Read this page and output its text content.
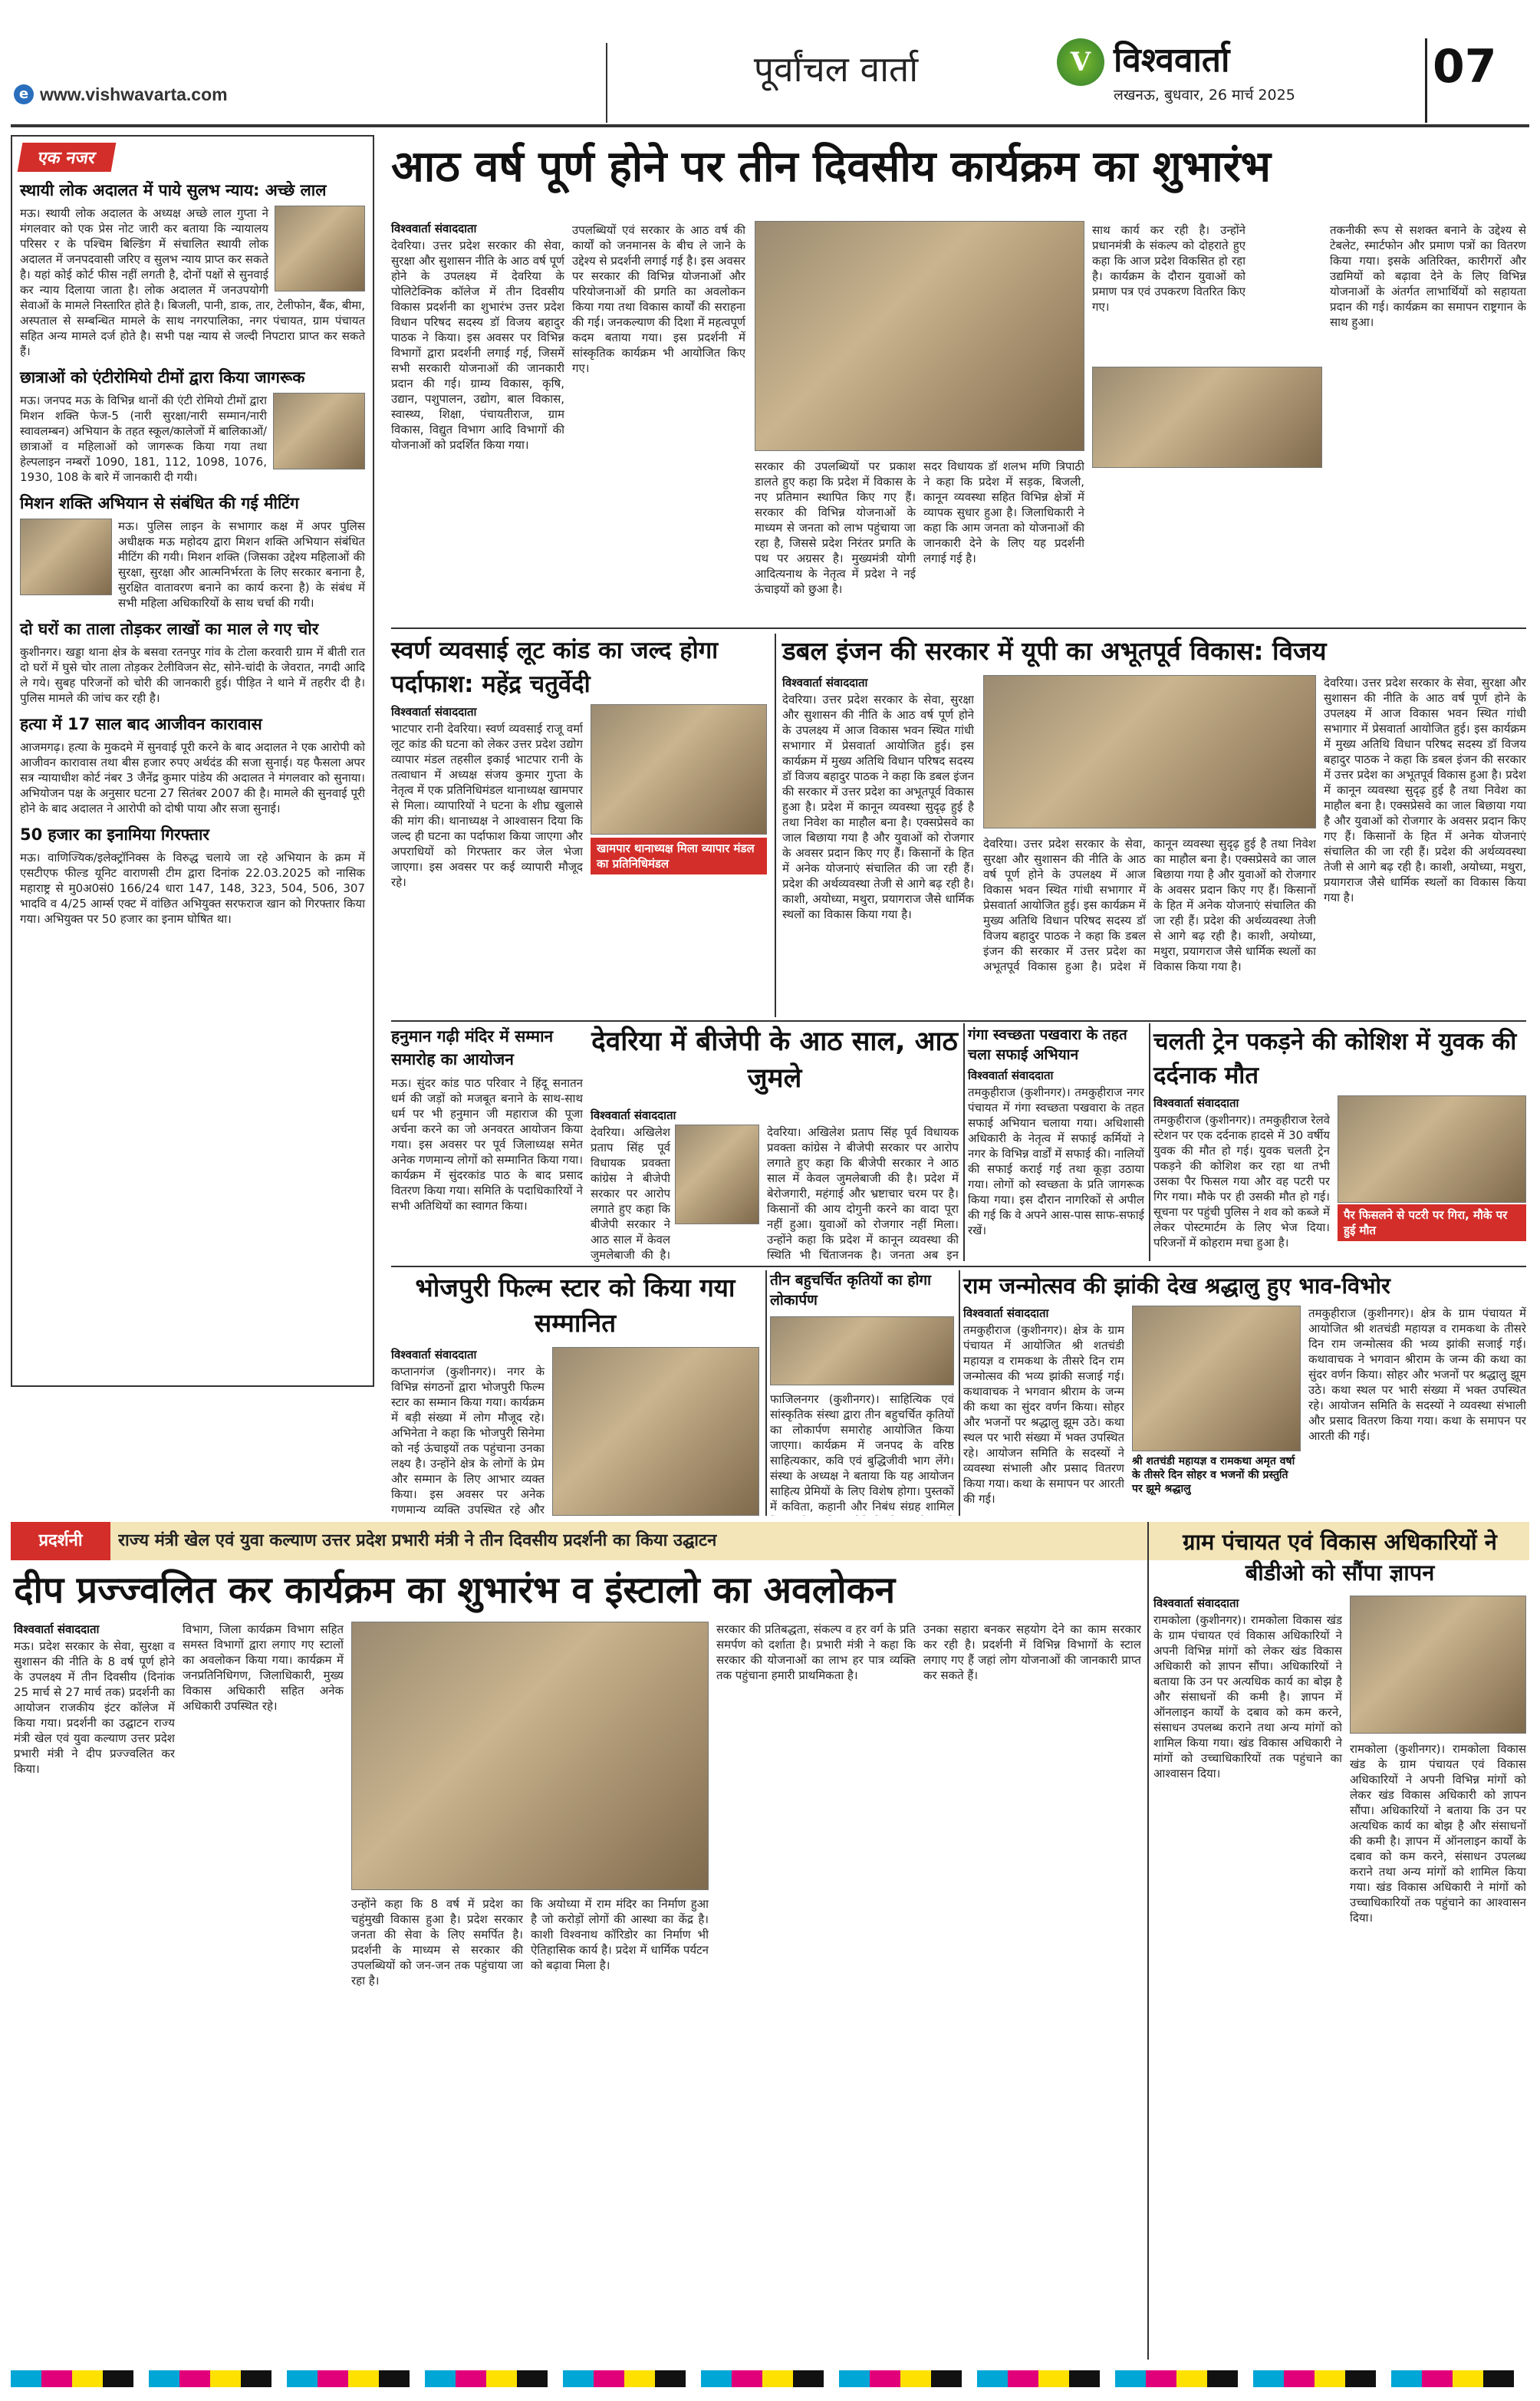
पूर्वांचल वार्ता
e www.vishwavarta.com
V विश्ववार्ता
लखनऊ, बुधवार, 26 मार्च 2025
07
एक नजर
स्थायी लोक अदालत में पाये सुलभ न्याय: अच्छे लाल
मऊ। स्थायी लोक अदालत के अध्यक्ष अच्छे लाल गुप्ता ने मंगलवार को एक प्रेस नोट जारी कर बताया कि न्यायालय परिसर र के पश्चिम बिल्डिंग में संचालित स्थायी लोक अदालत में जनपदवासी जरिए व सुलभ न्याय प्राप्त कर सकते है। यहां कोई कोर्ट फीस नहीं लगती है, दोनों पक्षों से सुनवाई कर न्याय दिलाया जाता है। लोक अदालत में जनउपयोगी सेवाओं के मामले निस्तारित होते है। बिजली, पानी, डाक, तार, टेलीफोन, बैंक, बीमा, अस्पताल से सम्बन्धित मामले के साथ नगरपालिका, नगर पंचायत, ग्राम पंचायत सहित अन्य मामले दर्ज होते है। सभी पक्ष न्याय से जल्दी निपटारा प्राप्त कर सकते हैं।
छात्राओं को एंटीरोमियो टीमों द्वारा किया जागरूक
मऊ। जनपद मऊ के विभिन्न थानों की एंटी रोमियो टीमों द्वारा मिशन शक्ति फेज-5 (नारी सुरक्षा/नारी सम्मान/नारी स्वावलम्बन) अभियान के तहत स्कूल/कालेजों में बालिकाओं/छात्राओं व महिलाओं को जागरूक किया गया तथा हेल्पलाइन नम्बरों 1090, 181, 112, 1098, 1076, 1930, 108 के बारे में जानकारी दी गयी।
मिशन शक्ति अभियान से संबंधित की गई मीटिंग
मऊ। पुलिस लाइन के सभागार कक्ष में अपर पुलिस अधीक्षक मऊ महोदय द्वारा मिशन शक्ति अभियान संबंधित मीटिंग की गयी। मिशन शक्ति (जिसका उद्देश्य महिलाओं की सुरक्षा, सुरक्षा और आत्मनिर्भरता के लिए सरकार बनाना है, सुरक्षित वातावरण बनाने का कार्य करना है) के संबंध में सभी महिला अधिकारियों के साथ चर्चा की गयी।
दो घरों का ताला तोड़कर लाखों का माल ले गए चोर
कुशीनगर। खड्डा थाना क्षेत्र के बसवा रतनपुर गांव के टोला करवारी ग्राम में बीती रात दो घरों में घुसे चोर ताला तोड़कर टेलीविजन सेट, सोने-चांदी के जेवरात, नगदी आदि ले गये। सुबह परिजनों को चोरी की जानकारी हुई। पीड़ित ने थाने में तहरीर दी है। पुलिस मामले की जांच कर रही है।
हत्या में 17 साल बाद आजीवन कारावास
आजमगढ़। हत्या के मुकदमे में सुनवाई पूरी करने के बाद अदालत ने एक आरोपी को आजीवन कारावास तथा बीस हजार रुपए अर्थदंड की सजा सुनाई। यह फैसला अपर सत्र न्यायाधीश कोर्ट नंबर 3 जैनेंद्र कुमार पांडेय की अदालत ने मंगलवार को सुनाया। अभियोजन पक्ष के अनुसार घटना 27 सितंबर 2007 की है। मामले की सुनवाई पूरी होने के बाद अदालत ने आरोपी को दोषी पाया और सजा सुनाई।
50 हजार का इनामिया गिरफ्तार
मऊ। वाणिज्यिक/इलेक्ट्रॉनिक्स के विरुद्ध चलाये जा रहे अभियान के क्रम में एसटीएफ फील्ड यूनिट वाराणसी टीम द्वारा दिनांक 22.03.2025 को नासिक महाराष्ट्र से मु0अ0सं0 166/24 धारा 147, 148, 323, 504, 506, 307 भादवि व 4/25 आर्म्स एक्ट में वांछित अभियुक्त सरफराज खान को गिरफ्तार किया गया। अभियुक्त पर 50 हजार का इनाम घोषित था।
आठ वर्ष पूर्ण होने पर तीन दिवसीय कार्यक्रम का शुभारंभ
विश्ववार्ता संवाददाता
देवरिया। उत्तर प्रदेश सरकार की सेवा, सुरक्षा और सुशासन नीति के आठ वर्ष पूर्ण होने के उपलक्ष्य में देवरिया के पोलिटेक्निक कॉलेज में तीन दिवसीय विकास प्रदर्शनी का शुभारंभ उत्तर प्रदेश विधान परिषद सदस्य डॉ विजय बहादुर पाठक ने किया। इस अवसर पर विभिन्न विभागों द्वारा प्रदर्शनी लगाई गई, जिसमें सभी सरकारी योजनाओं की जानकारी प्रदान की गई। ग्राम्य विकास, कृषि, उद्यान, पशुपालन, उद्योग, बाल विकास, स्वास्थ्य, शिक्षा, पंचायतीराज, ग्राम विकास, विद्युत विभाग आदि विभागों की योजनाओं को प्रदर्शित किया गया।
उपलब्धियों एवं सरकार के आठ वर्ष की कार्यों को जनमानस के बीच ले जाने के उद्देश्य से प्रदर्शनी लगाई गई है। इस अवसर पर सरकार की विभिन्न योजनाओं और परियोजनाओं की प्रगति का अवलोकन किया गया तथा विकास कार्यों की सराहना की गई। जनकल्याण की दिशा में महत्वपूर्ण कदम बताया गया। इस प्रदर्शनी में सांस्कृतिक कार्यक्रम भी आयोजित किए गए।
सरकार की उपलब्धियों पर प्रकाश डालते हुए कहा कि प्रदेश में विकास के नए प्रतिमान स्थापित किए गए हैं। सरकार की विभिन्न योजनाओं के माध्यम से जनता को लाभ पहुंचाया जा रहा है, जिससे प्रदेश निरंतर प्रगति के पथ पर अग्रसर है। मुख्यमंत्री योगी आदित्यनाथ के नेतृत्व में प्रदेश ने नई ऊंचाइयों को छुआ है।
सदर विधायक डॉ शलभ मणि त्रिपाठी ने कहा कि प्रदेश में सड़क, बिजली, कानून व्यवस्था सहित विभिन्न क्षेत्रों में व्यापक सुधार हुआ है। जिलाधिकारी ने कहा कि आम जनता को योजनाओं की जानकारी देने के लिए यह प्रदर्शनी लगाई गई है।
साथ कार्य कर रही है। उन्होंने प्रधानमंत्री के संकल्प को दोहराते हुए कहा कि आज प्रदेश विकसित हो रहा है। कार्यक्रम के दौरान युवाओं को प्रमाण पत्र एवं उपकरण वितरित किए गए।
तकनीकी रूप से सशक्त बनाने के उद्देश्य से टेबलेट, स्मार्टफोन और प्रमाण पत्रों का वितरण किया गया। इसके अतिरिक्त, कारीगरों और उद्यमियों को बढ़ावा देने के लिए विभिन्न योजनाओं के अंतर्गत लाभार्थियों को सहायता प्रदान की गई। कार्यक्रम का समापन राष्ट्रगान के साथ हुआ।
स्वर्ण व्यवसाई लूट कांड का जल्द होगा पर्दाफाश: महेंद्र चतुर्वेदी
विश्ववार्ता संवाददाता
भाटपार रानी देवरिया। स्वर्ण व्यवसाई राजू वर्मा लूट कांड की घटना को लेकर उत्तर प्रदेश उद्योग व्यापार मंडल तहसील इकाई भाटपार रानी के तत्वाधान में अध्यक्ष संजय कुमार गुप्ता के नेतृत्व में एक प्रतिनिधिमंडल थानाध्यक्ष खामपार से मिला। व्यापारियों ने घटना के शीघ्र खुलासे की मांग की। थानाध्यक्ष ने आश्वासन दिया कि जल्द ही घटना का पर्दाफाश किया जाएगा और अपराधियों को गिरफ्तार कर जेल भेजा जाएगा। इस अवसर पर कई व्यापारी मौजूद रहे।
खामपार थानाध्यक्ष मिला व्यापार मंडल का प्रतिनिधिमंडल
डबल इंजन की सरकार में यूपी का अभूतपूर्व विकास: विजय
विश्ववार्ता संवाददाता
देवरिया। उत्तर प्रदेश सरकार के सेवा, सुरक्षा और सुशासन की नीति के आठ वर्ष पूर्ण होने के उपलक्ष्य में आज विकास भवन स्थित गांधी सभागार में प्रेसवार्ता आयोजित हुई। इस कार्यक्रम में मुख्य अतिथि विधान परिषद सदस्य डॉ विजय बहादुर पाठक ने कहा कि डबल इंजन की सरकार में उत्तर प्रदेश का अभूतपूर्व विकास हुआ है। प्रदेश में कानून व्यवस्था सुदृढ़ हुई है तथा निवेश का माहौल बना है। एक्सप्रेसवे का जाल बिछाया गया है और युवाओं को रोजगार के अवसर प्रदान किए गए हैं। किसानों के हित में अनेक योजनाएं संचालित की जा रही हैं। प्रदेश की अर्थव्यवस्था तेजी से आगे बढ़ रही है। काशी, अयोध्या, मथुरा, प्रयागराज जैसे धार्मिक स्थलों का विकास किया गया है।
देवरिया। उत्तर प्रदेश सरकार के सेवा, सुरक्षा और सुशासन की नीति के आठ वर्ष पूर्ण होने के उपलक्ष्य में आज विकास भवन स्थित गांधी सभागार में प्रेसवार्ता आयोजित हुई। इस कार्यक्रम में मुख्य अतिथि विधान परिषद सदस्य डॉ विजय बहादुर पाठक ने कहा कि डबल इंजन की सरकार में उत्तर प्रदेश का अभूतपूर्व विकास हुआ है। प्रदेश में कानून व्यवस्था सुदृढ़ हुई है तथा निवेश का माहौल बना है। एक्सप्रेसवे का जाल बिछाया गया है और युवाओं को रोजगार के अवसर प्रदान किए गए हैं। किसानों के हित में अनेक योजनाएं संचालित की जा रही हैं। प्रदेश की अर्थव्यवस्था तेजी से आगे बढ़ रही है। काशी, अयोध्या, मथुरा, प्रयागराज जैसे धार्मिक स्थलों का विकास किया गया है।
देवरिया। उत्तर प्रदेश सरकार के सेवा, सुरक्षा और सुशासन की नीति के आठ वर्ष पूर्ण होने के उपलक्ष्य में आज विकास भवन स्थित गांधी सभागार में प्रेसवार्ता आयोजित हुई। इस कार्यक्रम में मुख्य अतिथि विधान परिषद सदस्य डॉ विजय बहादुर पाठक ने कहा कि डबल इंजन की सरकार में उत्तर प्रदेश का अभूतपूर्व विकास हुआ है। प्रदेश में कानून व्यवस्था सुदृढ़ हुई है तथा निवेश का माहौल बना है। एक्सप्रेसवे का जाल बिछाया गया है और युवाओं को रोजगार के अवसर प्रदान किए गए हैं। किसानों के हित में अनेक योजनाएं संचालित की जा रही हैं। प्रदेश की अर्थव्यवस्था तेजी से आगे बढ़ रही है। काशी, अयोध्या, मथुरा, प्रयागराज जैसे धार्मिक स्थलों का विकास किया गया है।
हनुमान गढ़ी मंदिर में सम्मान समारोह का आयोजन
मऊ। सुंदर कांड पाठ परिवार ने हिंदू सनातन धर्म की जड़ों को मजबूत बनाने के साथ-साथ धर्म पर भी हनुमान जी महाराज की पूजा अर्चना करने का जो अनवरत आयोजन किया गया। इस अवसर पर पूर्व जिलाध्यक्ष समेत अनेक गणमान्य लोगों को सम्मानित किया गया। कार्यक्रम में सुंदरकांड पाठ के बाद प्रसाद वितरण किया गया। समिति के पदाधिकारियों ने सभी अतिथियों का स्वागत किया।
देवरिया में बीजेपी के आठ साल, आठ जुमले
विश्ववार्ता संवाददाता
देवरिया। अखिलेश प्रताप सिंह पूर्व विधायक प्रवक्ता कांग्रेस ने बीजेपी सरकार पर आरोप लगाते हुए कहा कि बीजेपी सरकार ने आठ साल में केवल जुमलेबाजी की है।
देवरिया। अखिलेश प्रताप सिंह पूर्व विधायक प्रवक्ता कांग्रेस ने बीजेपी सरकार पर आरोप लगाते हुए कहा कि बीजेपी सरकार ने आठ साल में केवल जुमलेबाजी की है। प्रदेश में बेरोजगारी, महंगाई और भ्रष्टाचार चरम पर है। किसानों की आय दोगुनी करने का वादा पूरा नहीं हुआ। युवाओं को रोजगार नहीं मिला। उन्होंने कहा कि प्रदेश में कानून व्यवस्था की स्थिति भी चिंताजनक है। जनता अब इन
गंगा स्वच्छता पखवारा के तहत चला सफाई अभियान
विश्ववार्ता संवाददाता
तमकुहीराज (कुशीनगर)। तमकुहीराज नगर पंचायत में गंगा स्वच्छता पखवारा के तहत सफाई अभियान चलाया गया। अधिशासी अधिकारी के नेतृत्व में सफाई कर्मियों ने नगर के विभिन्न वार्डों में सफाई की। नालियों की सफाई कराई गई तथा कूड़ा उठाया गया। लोगों को स्वच्छता के प्रति जागरूक किया गया। इस दौरान नागरिकों से अपील की गई कि वे अपने आस-पास साफ-सफाई रखें।
चलती ट्रेन पकड़ने की कोशिश में युवक की दर्दनाक मौत
विश्ववार्ता संवाददाता
तमकुहीराज (कुशीनगर)। तमकुहीराज रेलवे स्टेशन पर एक दर्दनाक हादसे में 30 वर्षीय युवक की मौत हो गई। युवक चलती ट्रेन पकड़ने की कोशिश कर रहा था तभी उसका पैर फिसल गया और वह पटरी पर गिर गया। मौके पर ही उसकी मौत हो गई। सूचना पर पहुंची पुलिस ने शव को कब्जे में लेकर पोस्टमार्टम के लिए भेज दिया। परिजनों में कोहराम मचा हुआ है।
पैर फिसलने से पटरी पर गिरा, मौके पर हुई मौत
भोजपुरी फिल्म स्टार को किया गया सम्मानित
विश्ववार्ता संवाददाता
कप्तानगंज (कुशीनगर)। नगर के विभिन्न संगठनों द्वारा भोजपुरी फिल्म स्टार का सम्मान किया गया। कार्यक्रम में बड़ी संख्या में लोग मौजूद रहे। अभिनेता ने कहा कि भोजपुरी सिनेमा को नई ऊंचाइयों तक पहुंचाना उनका लक्ष्य है। उन्होंने क्षेत्र के लोगों के प्रेम और सम्मान के लिए आभार व्यक्त किया। इस अवसर पर अनेक गणमान्य व्यक्ति उपस्थित रहे और
तीन बहुचर्चित कृतियों का होगा लोकार्पण
फाजिलनगर (कुशीनगर)। साहित्यिक एवं सांस्कृतिक संस्था द्वारा तीन बहुचर्चित कृतियों का लोकार्पण समारोह आयोजित किया जाएगा। कार्यक्रम में जनपद के वरिष्ठ साहित्यकार, कवि एवं बुद्धिजीवी भाग लेंगे। संस्था के अध्यक्ष ने बताया कि यह आयोजन साहित्य प्रेमियों के लिए विशेष होगा। पुस्तकों में कविता, कहानी और निबंध संग्रह शामिल
राम जन्मोत्सव की झांकी देख श्रद्धालु हुए भाव-विभोर
विश्ववार्ता संवाददाता
तमकुहीराज (कुशीनगर)। क्षेत्र के ग्राम पंचायत में आयोजित श्री शतचंडी महायज्ञ व रामकथा के तीसरे दिन राम जन्मोत्सव की भव्य झांकी सजाई गई। कथावाचक ने भगवान श्रीराम के जन्म की कथा का सुंदर वर्णन किया। सोहर और भजनों पर श्रद्धालु झूम उठे। कथा स्थल पर भारी संख्या में भक्त उपस्थित रहे। आयोजन समिति के सदस्यों ने व्यवस्था संभाली और प्रसाद वितरण किया गया। कथा के समापन पर आरती की गई।
श्री शतचंडी महायज्ञ व रामकथा अमृत वर्षा के तीसरे दिन सोहर व भजनों की प्रस्तुति पर झूमे श्रद्धालु
तमकुहीराज (कुशीनगर)। क्षेत्र के ग्राम पंचायत में आयोजित श्री शतचंडी महायज्ञ व रामकथा के तीसरे दिन राम जन्मोत्सव की भव्य झांकी सजाई गई। कथावाचक ने भगवान श्रीराम के जन्म की कथा का सुंदर वर्णन किया। सोहर और भजनों पर श्रद्धालु झूम उठे। कथा स्थल पर भारी संख्या में भक्त उपस्थित रहे। आयोजन समिति के सदस्यों ने व्यवस्था संभाली और प्रसाद वितरण किया गया। कथा के समापन पर आरती की गई।
प्रदर्शनी	राज्य मंत्री खेल एवं युवा कल्याण उत्तर प्रदेश प्रभारी मंत्री ने तीन दिवसीय प्रदर्शनी का किया उद्घाटन
दीप प्रज्ज्वलित कर कार्यक्रम का शुभारंभ व इंस्टालो का अवलोकन
विश्ववार्ता संवाददाता
मऊ। प्रदेश सरकार के सेवा, सुरक्षा व सुशासन की नीति के 8 वर्ष पूर्ण होने के उपलक्ष्य में तीन दिवसीय (दिनांक 25 मार्च से 27 मार्च तक) प्रदर्शनी का आयोजन राजकीय इंटर कॉलेज में किया गया। प्रदर्शनी का उद्घाटन राज्य मंत्री खेल एवं युवा कल्याण उत्तर प्रदेश प्रभारी मंत्री ने दीप प्रज्ज्वलित कर किया।
विभाग, जिला कार्यक्रम विभाग सहित समस्त विभागों द्वारा लगाए गए स्टालों का अवलोकन किया गया। कार्यक्रम में जनप्रतिनिधिगण, जिलाधिकारी, मुख्य विकास अधिकारी सहित अनेक अधिकारी उपस्थित रहे।
उन्होंने कहा कि 8 वर्ष में प्रदेश का चहुंमुखी विकास हुआ है। प्रदेश सरकार जनता की सेवा के लिए समर्पित है। प्रदर्शनी के माध्यम से सरकार की उपलब्धियों को जन-जन तक पहुंचाया जा रहा है।
कि अयोध्या में राम मंदिर का निर्माण हुआ है जो करोड़ों लोगों की आस्था का केंद्र है। काशी विश्वनाथ कॉरिडोर का निर्माण भी ऐतिहासिक कार्य है। प्रदेश में धार्मिक पर्यटन को बढ़ावा मिला है।
सरकार की प्रतिबद्धता, संकल्प व हर वर्ग के प्रति समर्पण को दर्शाता है। प्रभारी मंत्री ने कहा कि सरकार की योजनाओं का लाभ हर पात्र व्यक्ति तक पहुंचाना हमारी प्राथमिकता है।
उनका सहारा बनकर सहयोग देने का काम सरकार कर रही है। प्रदर्शनी में विभिन्न विभागों के स्टाल लगाए गए हैं जहां लोग योजनाओं की जानकारी प्राप्त कर सकते हैं।
ग्राम पंचायत एवं विकास अधिकारियों ने बीडीओ को सौंपा ज्ञापन
विश्ववार्ता संवाददाता
रामकोला (कुशीनगर)। रामकोला विकास खंड के ग्राम पंचायत एवं विकास अधिकारियों ने अपनी विभिन्न मांगों को लेकर खंड विकास अधिकारी को ज्ञापन सौंपा। अधिकारियों ने बताया कि उन पर अत्यधिक कार्य का बोझ है और संसाधनों की कमी है। ज्ञापन में ऑनलाइन कार्यों के दबाव को कम करने, संसाधन उपलब्ध कराने तथा अन्य मांगों को शामिल किया गया। खंड विकास अधिकारी ने मांगों को उच्चाधिकारियों तक पहुंचाने का आश्वासन दिया।
रामकोला (कुशीनगर)। रामकोला विकास खंड के ग्राम पंचायत एवं विकास अधिकारियों ने अपनी विभिन्न मांगों को लेकर खंड विकास अधिकारी को ज्ञापन सौंपा। अधिकारियों ने बताया कि उन पर अत्यधिक कार्य का बोझ है और संसाधनों की कमी है। ज्ञापन में ऑनलाइन कार्यों के दबाव को कम करने, संसाधन उपलब्ध कराने तथा अन्य मांगों को शामिल किया गया। खंड विकास अधिकारी ने मांगों को उच्चाधिकारियों तक पहुंचाने का आश्वासन दिया।
